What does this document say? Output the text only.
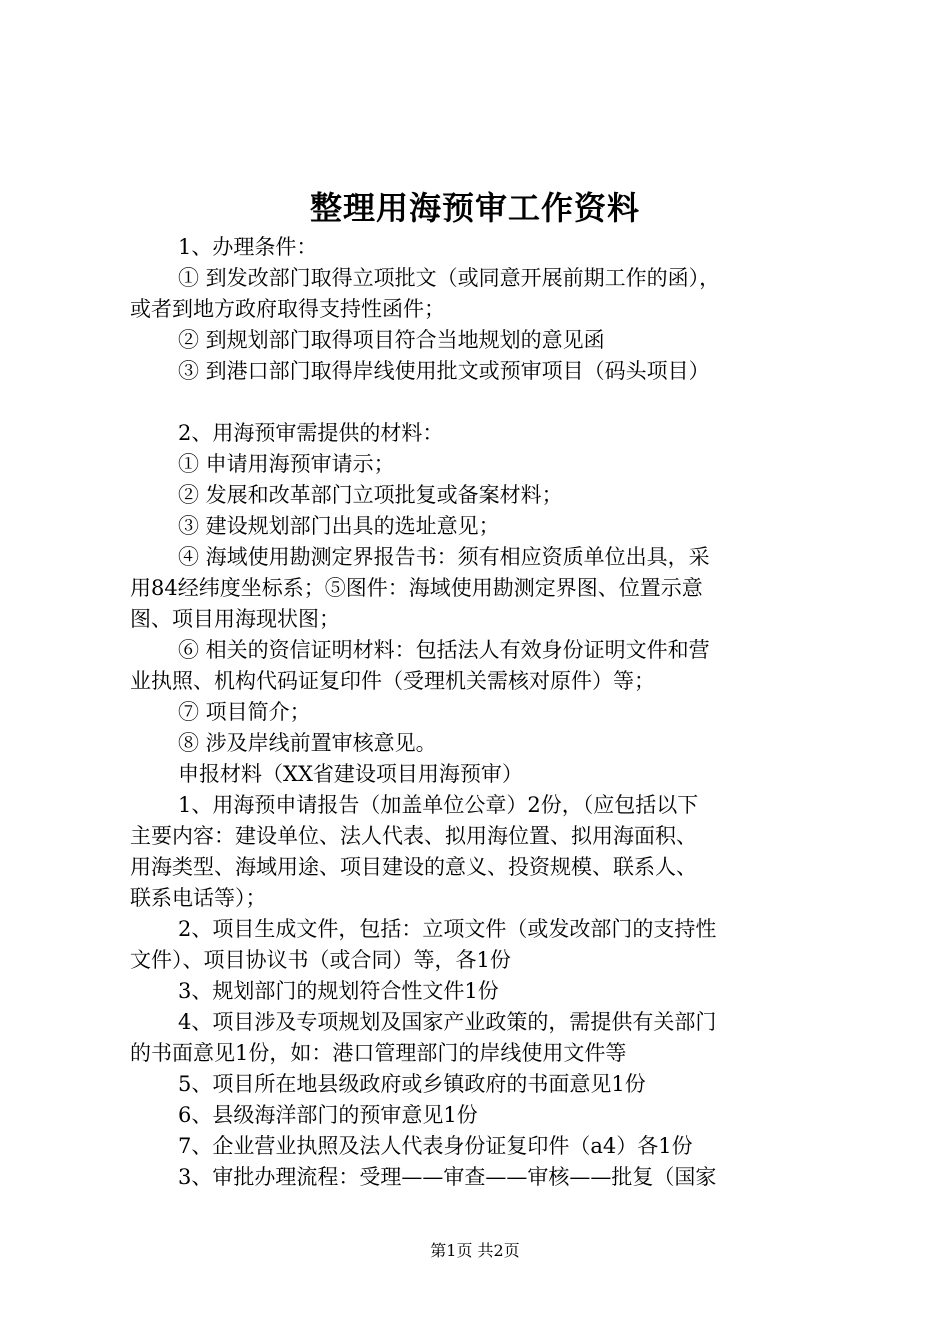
整理用海预审工作资料
1、办理条件：
① 到发改部门取得立项批文（或同意开展前期工作的函），
或者到地方政府取得支持性函件；
② 到规划部门取得项目符合当地规划的意见函
③ 到港口部门取得岸线使用批文或预审项目（码头项目）
2、用海预审需提供的材料：
① 申请用海预审请示；
② 发展和改革部门立项批复或备案材料；
③ 建设规划部门出具的选址意见；
④ 海域使用勘测定界报告书：须有相应资质单位出具，采
用84经纬度坐标系；⑤图件：海域使用勘测定界图、位置示意
图、项目用海现状图；
⑥ 相关的资信证明材料：包括法人有效身份证明文件和营
业执照、机构代码证复印件（受理机关需核对原件）等；
⑦ 项目简介；
⑧ 涉及岸线前置审核意见。
申报材料（XX省建设项目用海预审）
1、用海预申请报告（加盖单位公章）2份，（应包括以下
主要内容：建设单位、法人代表、拟用海位置、拟用海面积、
用海类型、海域用途、项目建设的意义、投资规模、联系人、
联系电话等）；
2、项目生成文件，包括：立项文件（或发改部门的支持性
文件）、项目协议书（或合同）等，各1份
3、规划部门的规划符合性文件1份
4、项目涉及专项规划及国家产业政策的，需提供有关部门
的书面意见1份，如：港口管理部门的岸线使用文件等
5、项目所在地县级政府或乡镇政府的书面意见1份
6、县级海洋部门的预审意见1份
7、企业营业执照及法人代表身份证复印件（a4）各1份
3、审批办理流程：受理——审查——审核——批复（国家
第1页 共2页
